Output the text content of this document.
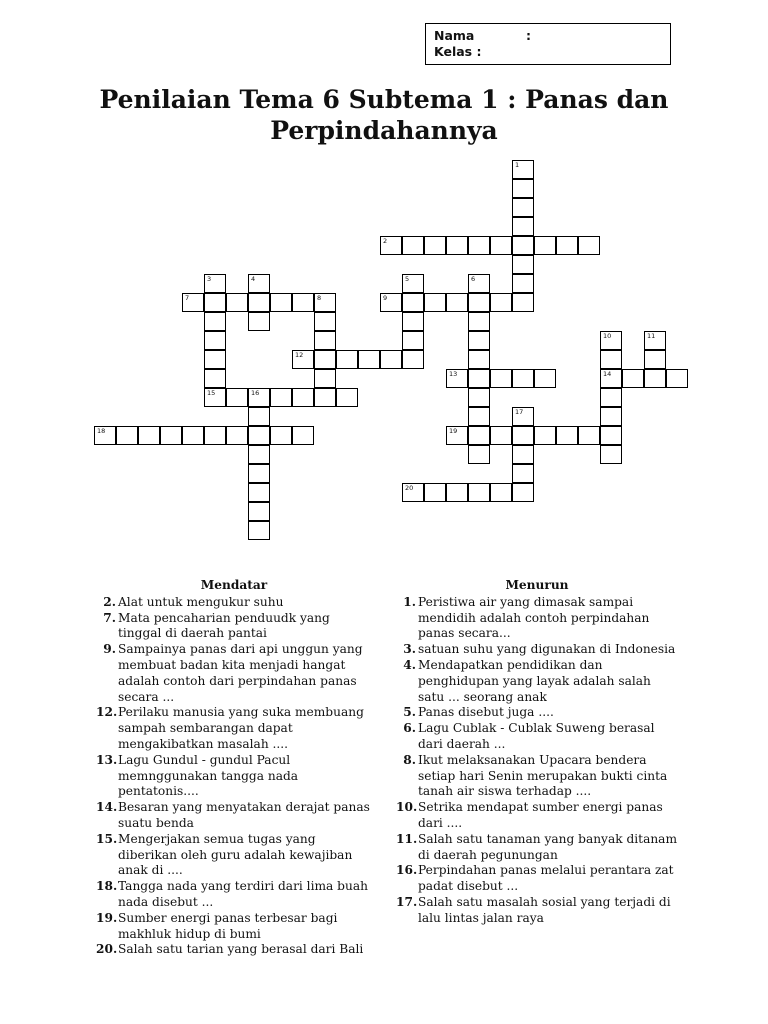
Nama	:
Kelas :
Penilaian Tema 6 Subtema 1 : Panas dan
Perpindahannya
1
2
3
15
4	5	6
7	8	9
10
14
11
12
13
16
17
18	19
20
Mendatar
2. Alat untuk mengukur suhu
7. Mata pencaharian penduudk yang tinggal di daerah pantai
9. Sampainya panas dari api unggun yang membuat badan kita menjadi hangat adalah contoh dari perpindahan panas secara ...
12. Perilaku manusia yang suka membuang sampah sembarangan dapat mengakibatkan masalah ....
13. Lagu Gundul - gundul Pacul memnggunakan tangga nada pentatonis....
14. Besaran yang menyatakan derajat panas suatu benda
15. Mengerjakan semua tugas yang diberikan oleh guru adalah kewajiban anak di ....
18. Tangga nada yang terdiri dari lima buah nada disebut ...
19. Sumber energi panas terbesar bagi makhluk hidup di bumi
20. Salah satu tarian yang berasal dari Bali
Menurun
1. Peristiwa air yang dimasak sampai mendidih adalah contoh perpindahan panas secara...
3. satuan suhu yang digunakan di Indonesia
4. Mendapatkan pendidikan dan penghidupan yang layak adalah salah satu ... seorang anak
5. Panas disebut juga ....
6. Lagu Cublak - Cublak Suweng berasal dari daerah ...
8. Ikut melaksanakan Upacara bendera setiap hari Senin merupakan bukti cinta tanah air siswa terhadap ....
10. Setrika mendapat sumber energi panas dari ....
11. Salah satu tanaman yang banyak ditanam di daerah pegunungan
16. Perpindahan panas melalui perantara zat padat disebut ...
17. Salah satu masalah sosial yang terjadi di lalu lintas jalan raya
